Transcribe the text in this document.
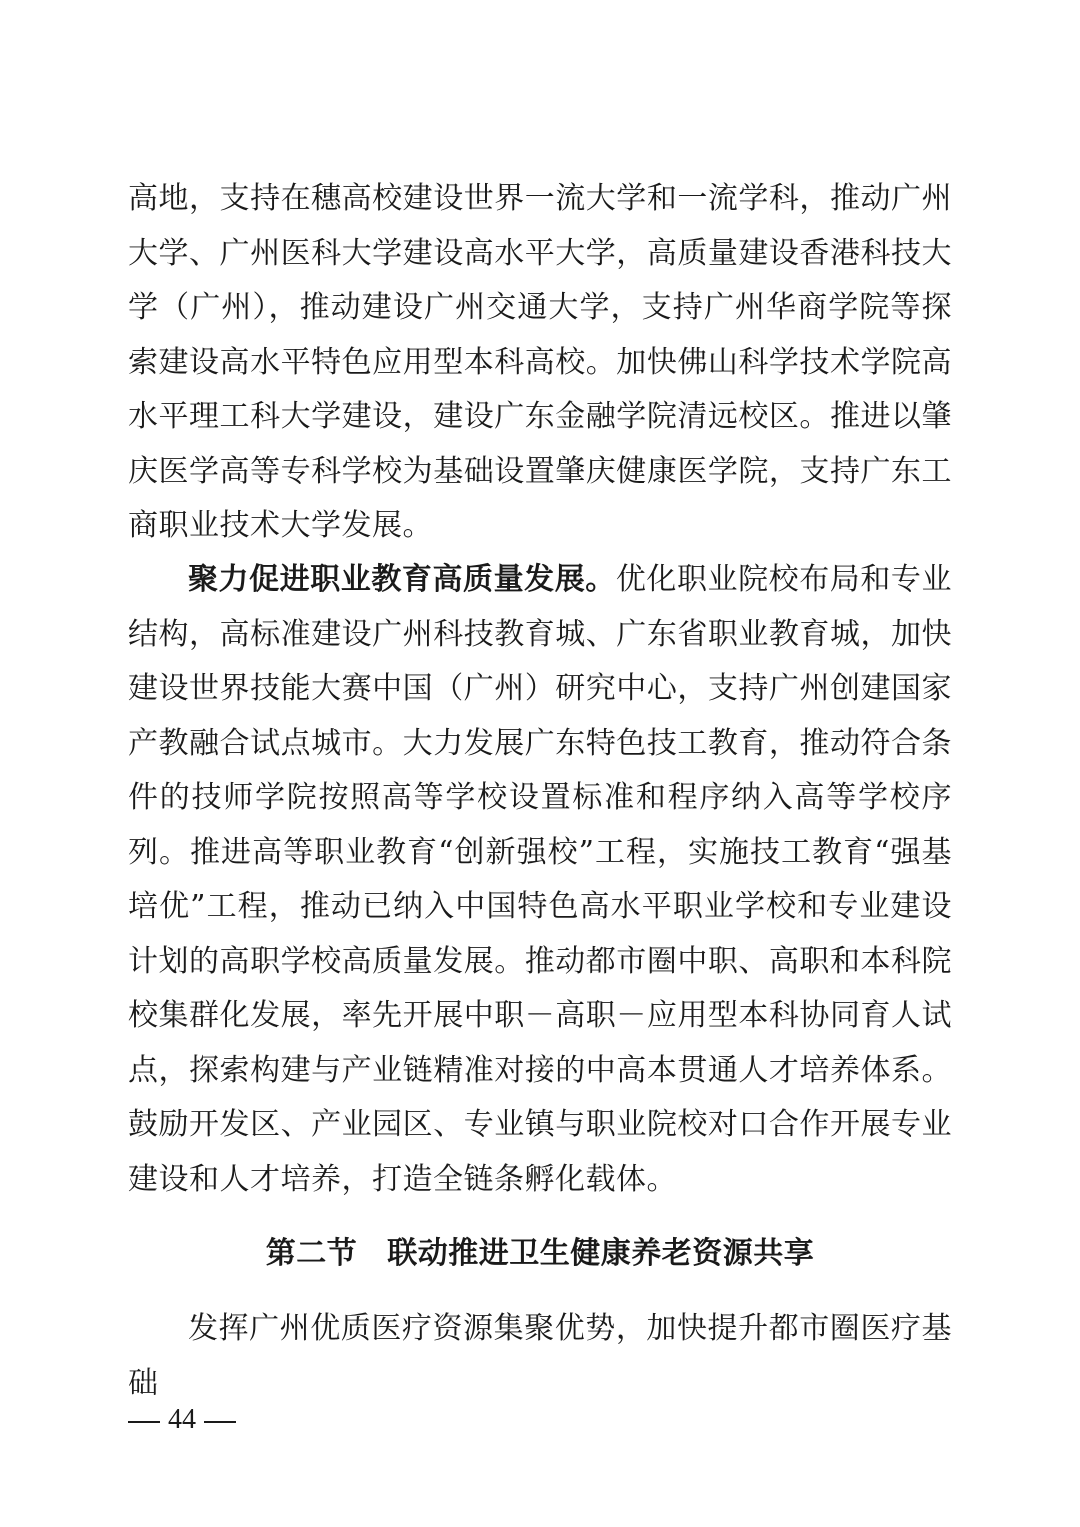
高地，支持在穗高校建设世界一流大学和一流学科，推动广州大学、广州医科大学建设高水平大学，高质量建设香港科技大学（广州），推动建设广州交通大学，支持广州华商学院等探索建设高水平特色应用型本科高校。加快佛山科学技术学院高水平理工科大学建设，建设广东金融学院清远校区。推进以肇庆医学高等专科学校为基础设置肇庆健康医学院，支持广东工商职业技术大学发展。

聚力促进职业教育高质量发展。优化职业院校布局和专业结构，高标准建设广州科技教育城、广东省职业教育城，加快建设世界技能大赛中国（广州）研究中心，支持广州创建国家产教融合试点城市。大力发展广东特色技工教育，推动符合条件的技师学院按照高等学校设置标准和程序纳入高等学校序列。推进高等职业教育“创新强校”工程，实施技工教育“强基培优”工程，推动已纳入中国特色高水平职业学校和专业建设计划的高职学校高质量发展。推动都市圈中职、高职和本科院校集群化发展，率先开展中职－高职－应用型本科协同育人试点，探索构建与产业链精准对接的中高本贯通人才培养体系。鼓励开发区、产业园区、专业镇与职业院校对口合作开展专业建设和人才培养，打造全链条孵化载体。

第二节 联动推进卫生健康养老资源共享

发挥广州优质医疗资源集聚优势，加快提升都市圈医疗基础

44
